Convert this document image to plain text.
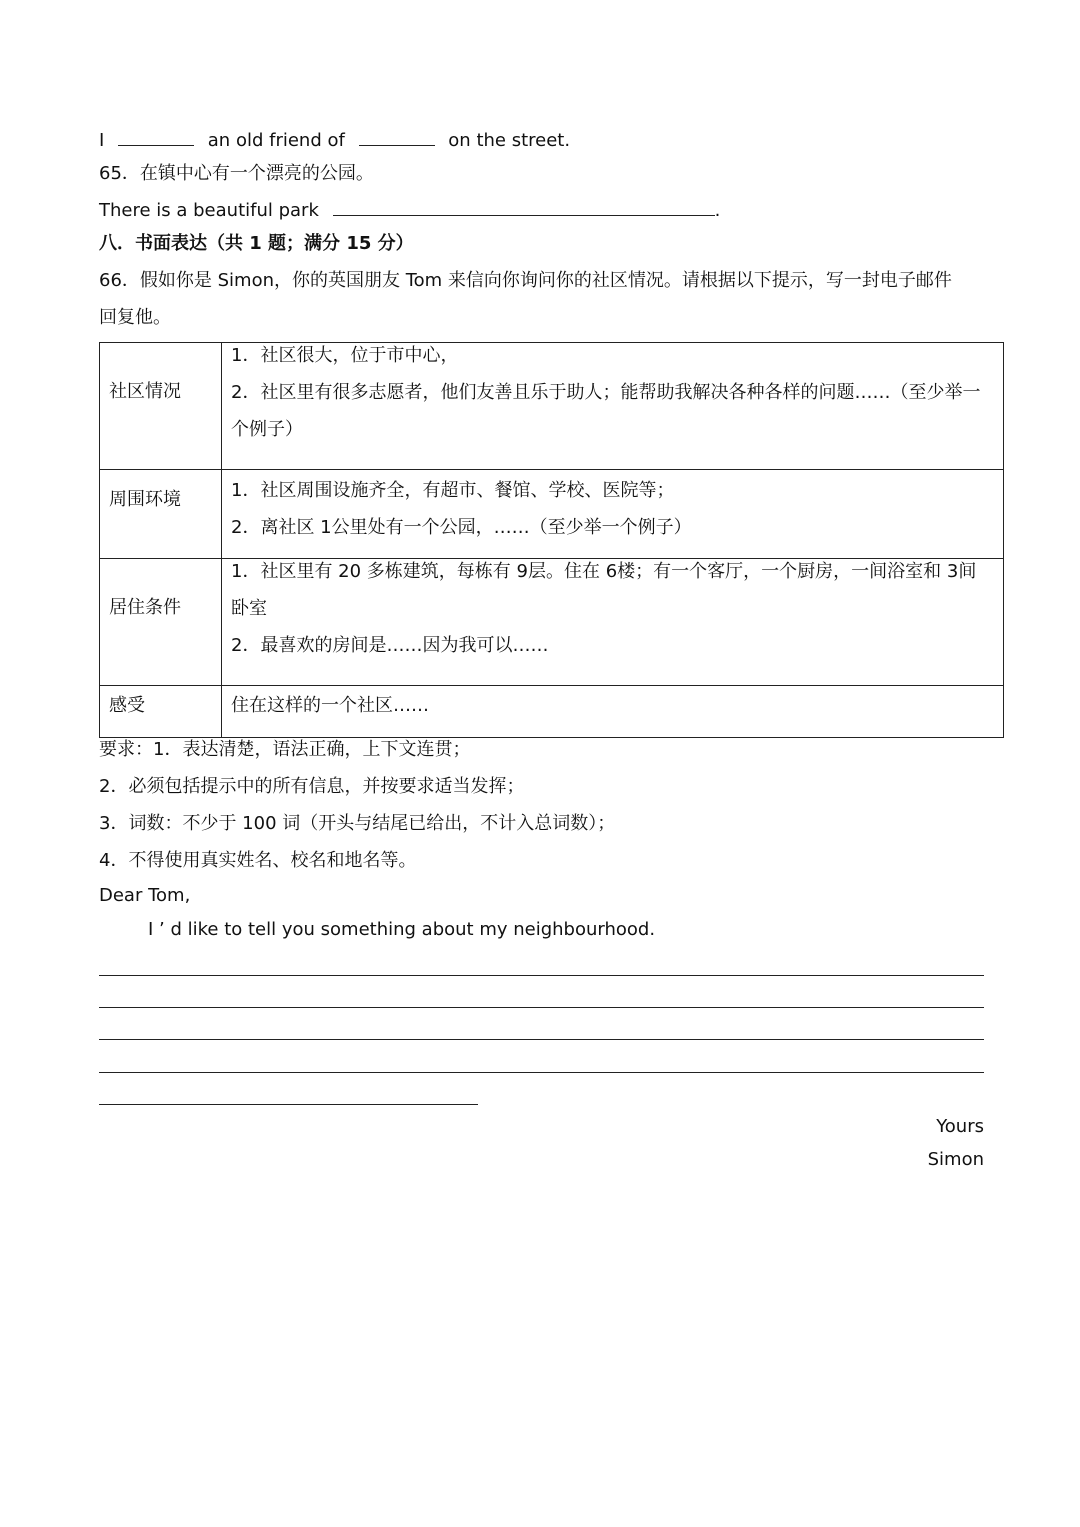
I	an old friend of	on the street.
65．在镇中心有一个漂亮的公园。
There is a beautiful park	.
八．书面表达（共 1 题；满分 15 分）
66．假如你是 Simon，你的英国朋友 Tom 来信向你询问你的社区情况。请根据以下提示，写一封电子邮件
回复他。
社区情况	1．社区很大，位于市中心，
2．社区里有很多志愿者，他们友善且乐于助人；能帮助我解决各种各样的问题……（至少举一个例子）

周围环境	1．社区周围设施齐全，有超市、餐馆、学校、医院等；
2．离社区 1公里处有一个公园，……（至少举一个例子）

居住条件	1．社区里有 20 多栋建筑，每栋有 9层。住在 6楼；有一个客厅，一个厨房，一间浴室和 3间卧室
2．最喜欢的房间是……因为我可以……

感受	住在这样的一个社区……
要求：1．表达清楚，语法正确，上下文连贯；
2．必须包括提示中的所有信息，并按要求适当发挥；
3．词数：不少于 100 词（开头与结尾已给出，不计入总词数）；
4．不得使用真实姓名、校名和地名等。
Dear Tom,
I ’ d like to tell you something about my neighbourhood.
Yours
Simon
